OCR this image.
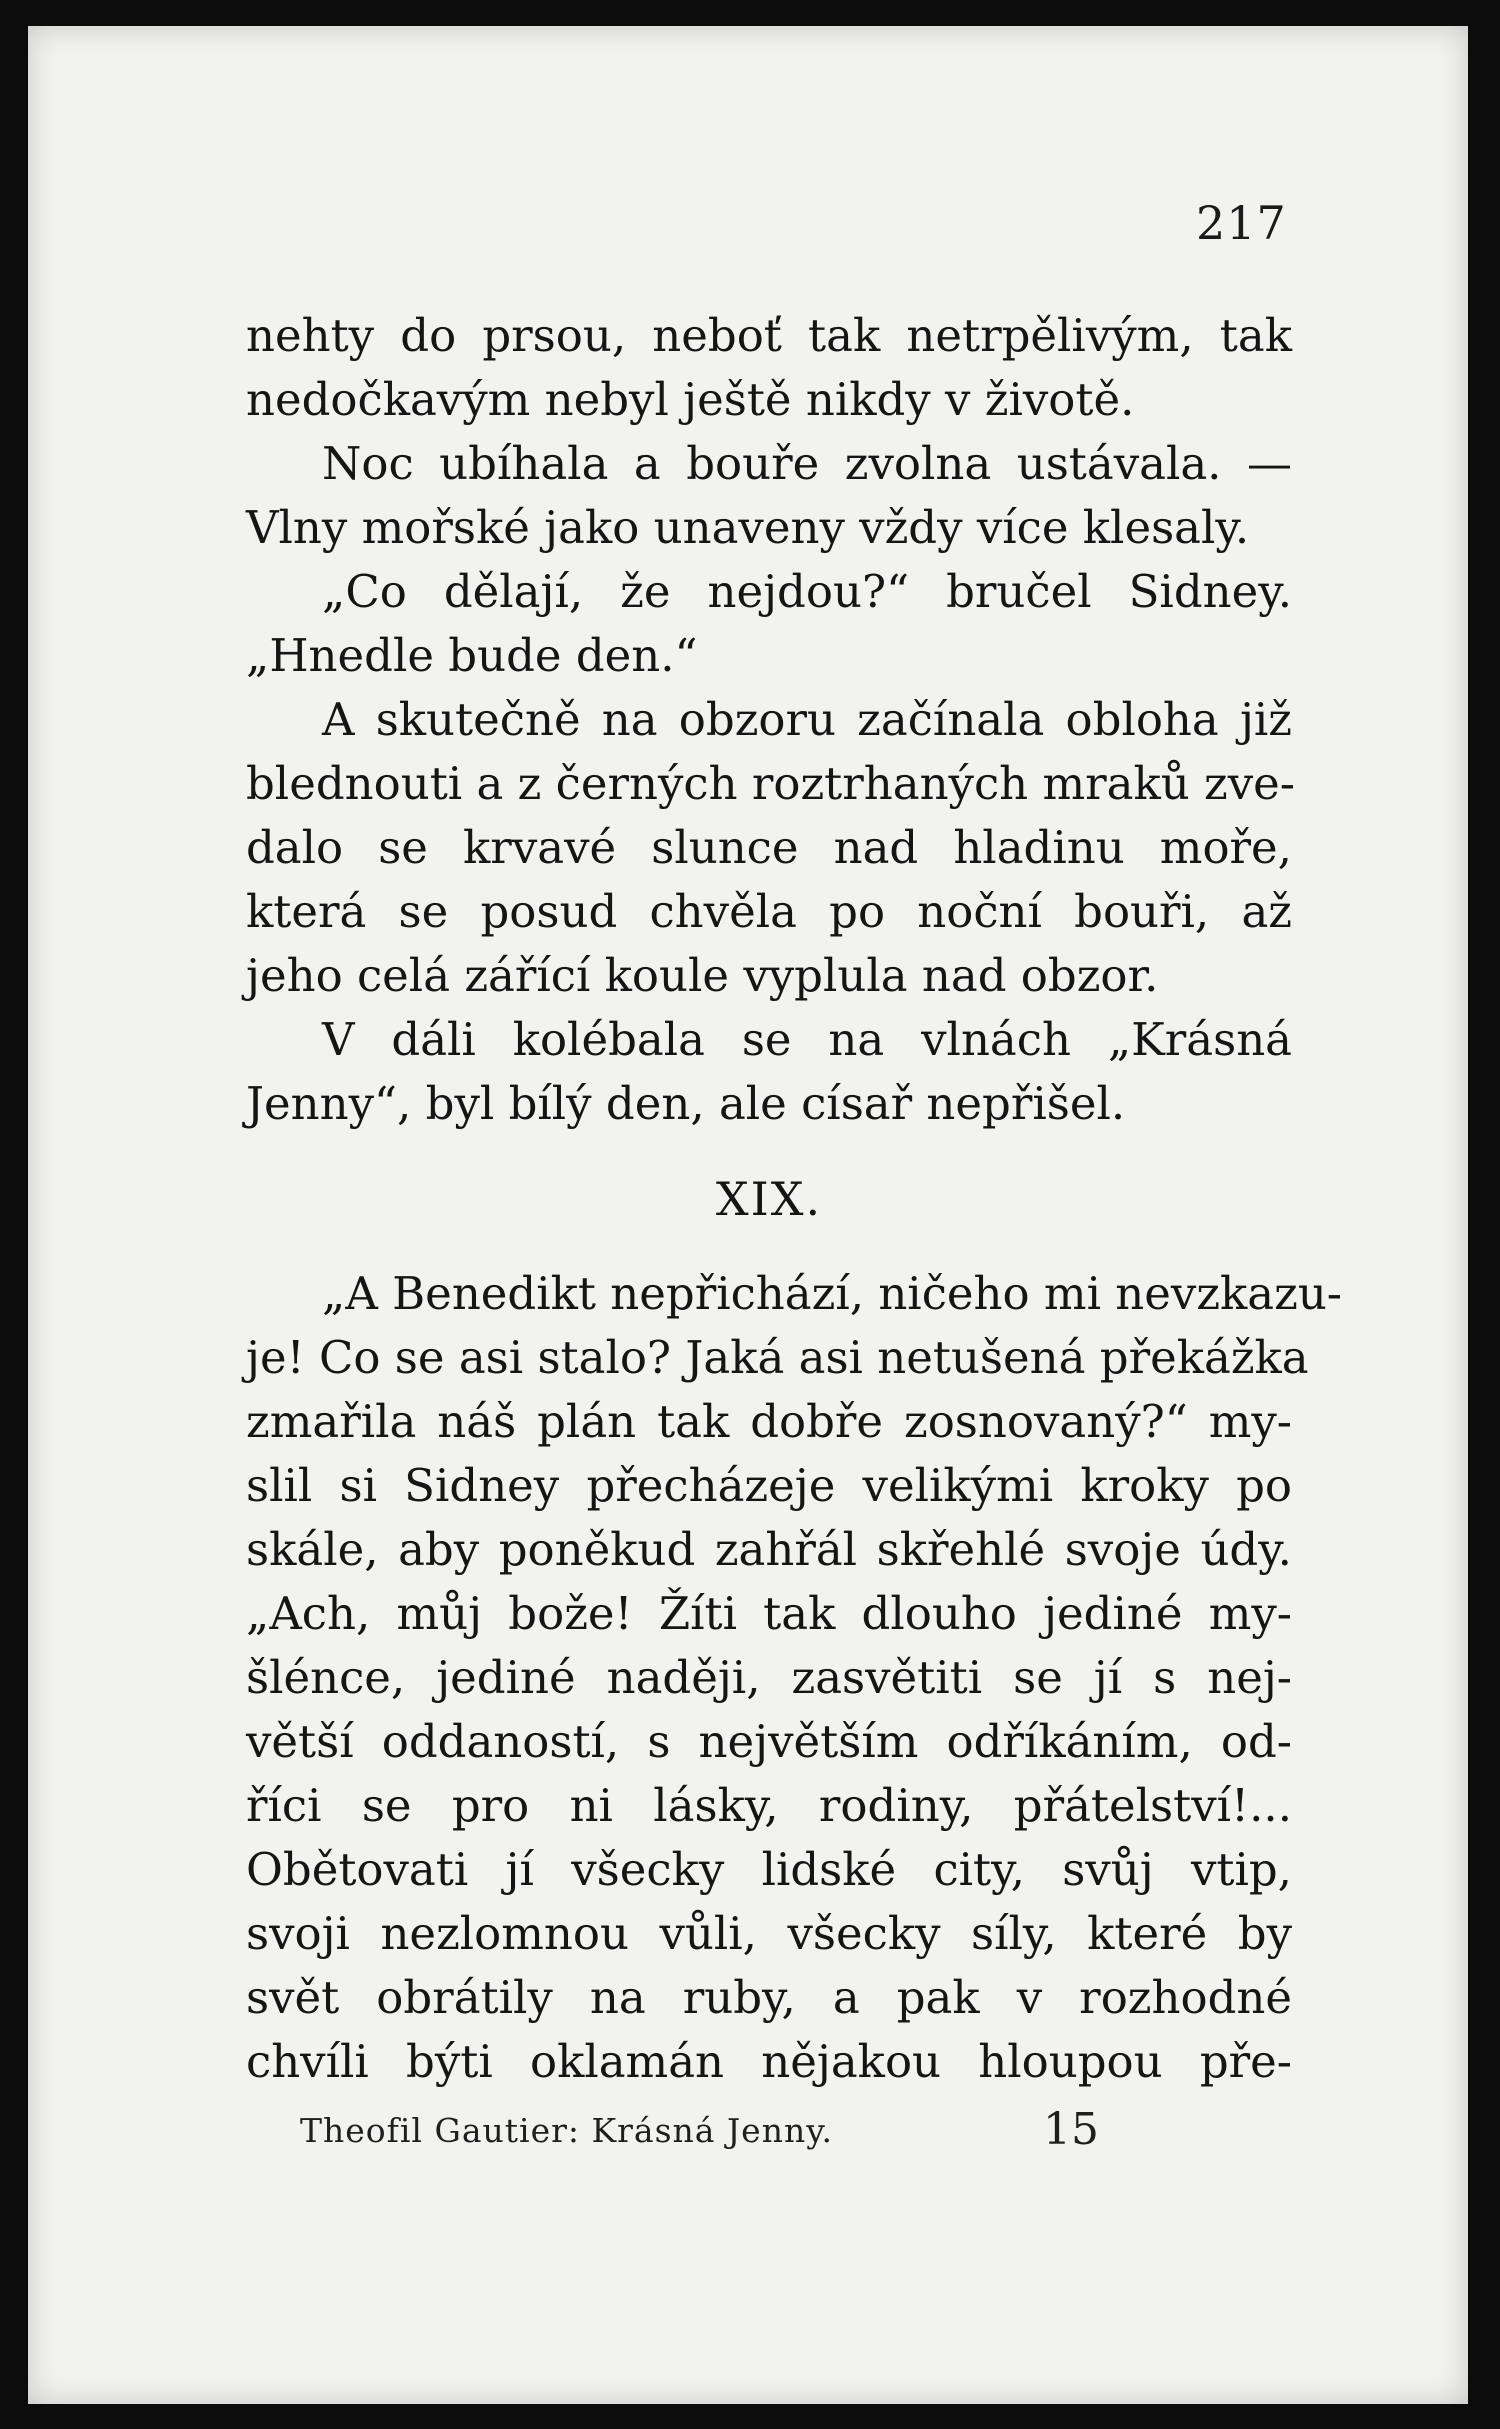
217
nehty do prsou, neboť tak netrpělivým, tak
nedočkavým nebyl ještě nikdy v životě.
Noc ubíhala a bouře zvolna ustávala. —
Vlny mořské jako unaveny vždy více klesaly.
„Co dělají, že nejdou?“ bručel Sidney.
„Hnedle bude den.“
A skutečně na obzoru začínala obloha již
blednouti a z černých roztrhaných mraků zve-
dalo se krvavé slunce nad hladinu moře,
která se posud chvěla po noční bouři, až
jeho celá zářící koule vyplula nad obzor.
V dáli kolébala se na vlnách „Krásná
Jenny“, byl bílý den, ale císař nepřišel.
XIX.
„A Benedikt nepřichází, ničeho mi nevzkazu-
je! Co se asi stalo? Jaká asi netušená překážka
zmařila náš plán tak dobře zosnovaný?“ my-
slil si Sidney přecházeje velikými kroky po
skále, aby poněkud zahřál skřehlé svoje údy.
„Ach, můj bože! Žíti tak dlouho jediné my-
šlénce, jediné naději, zasvětiti se jí s nej-
větší oddaností, s největším odříkáním, od-
říci se pro ni lásky, rodiny, přátelství!...
Obětovati jí všecky lidské city, svůj vtip,
svoji nezlomnou vůli, všecky síly, které by
svět obrátily na ruby, a pak v rozhodné
chvíli býti oklamán nějakou hloupou pře-
Theofil Gautier: Krásná Jenny.	15
